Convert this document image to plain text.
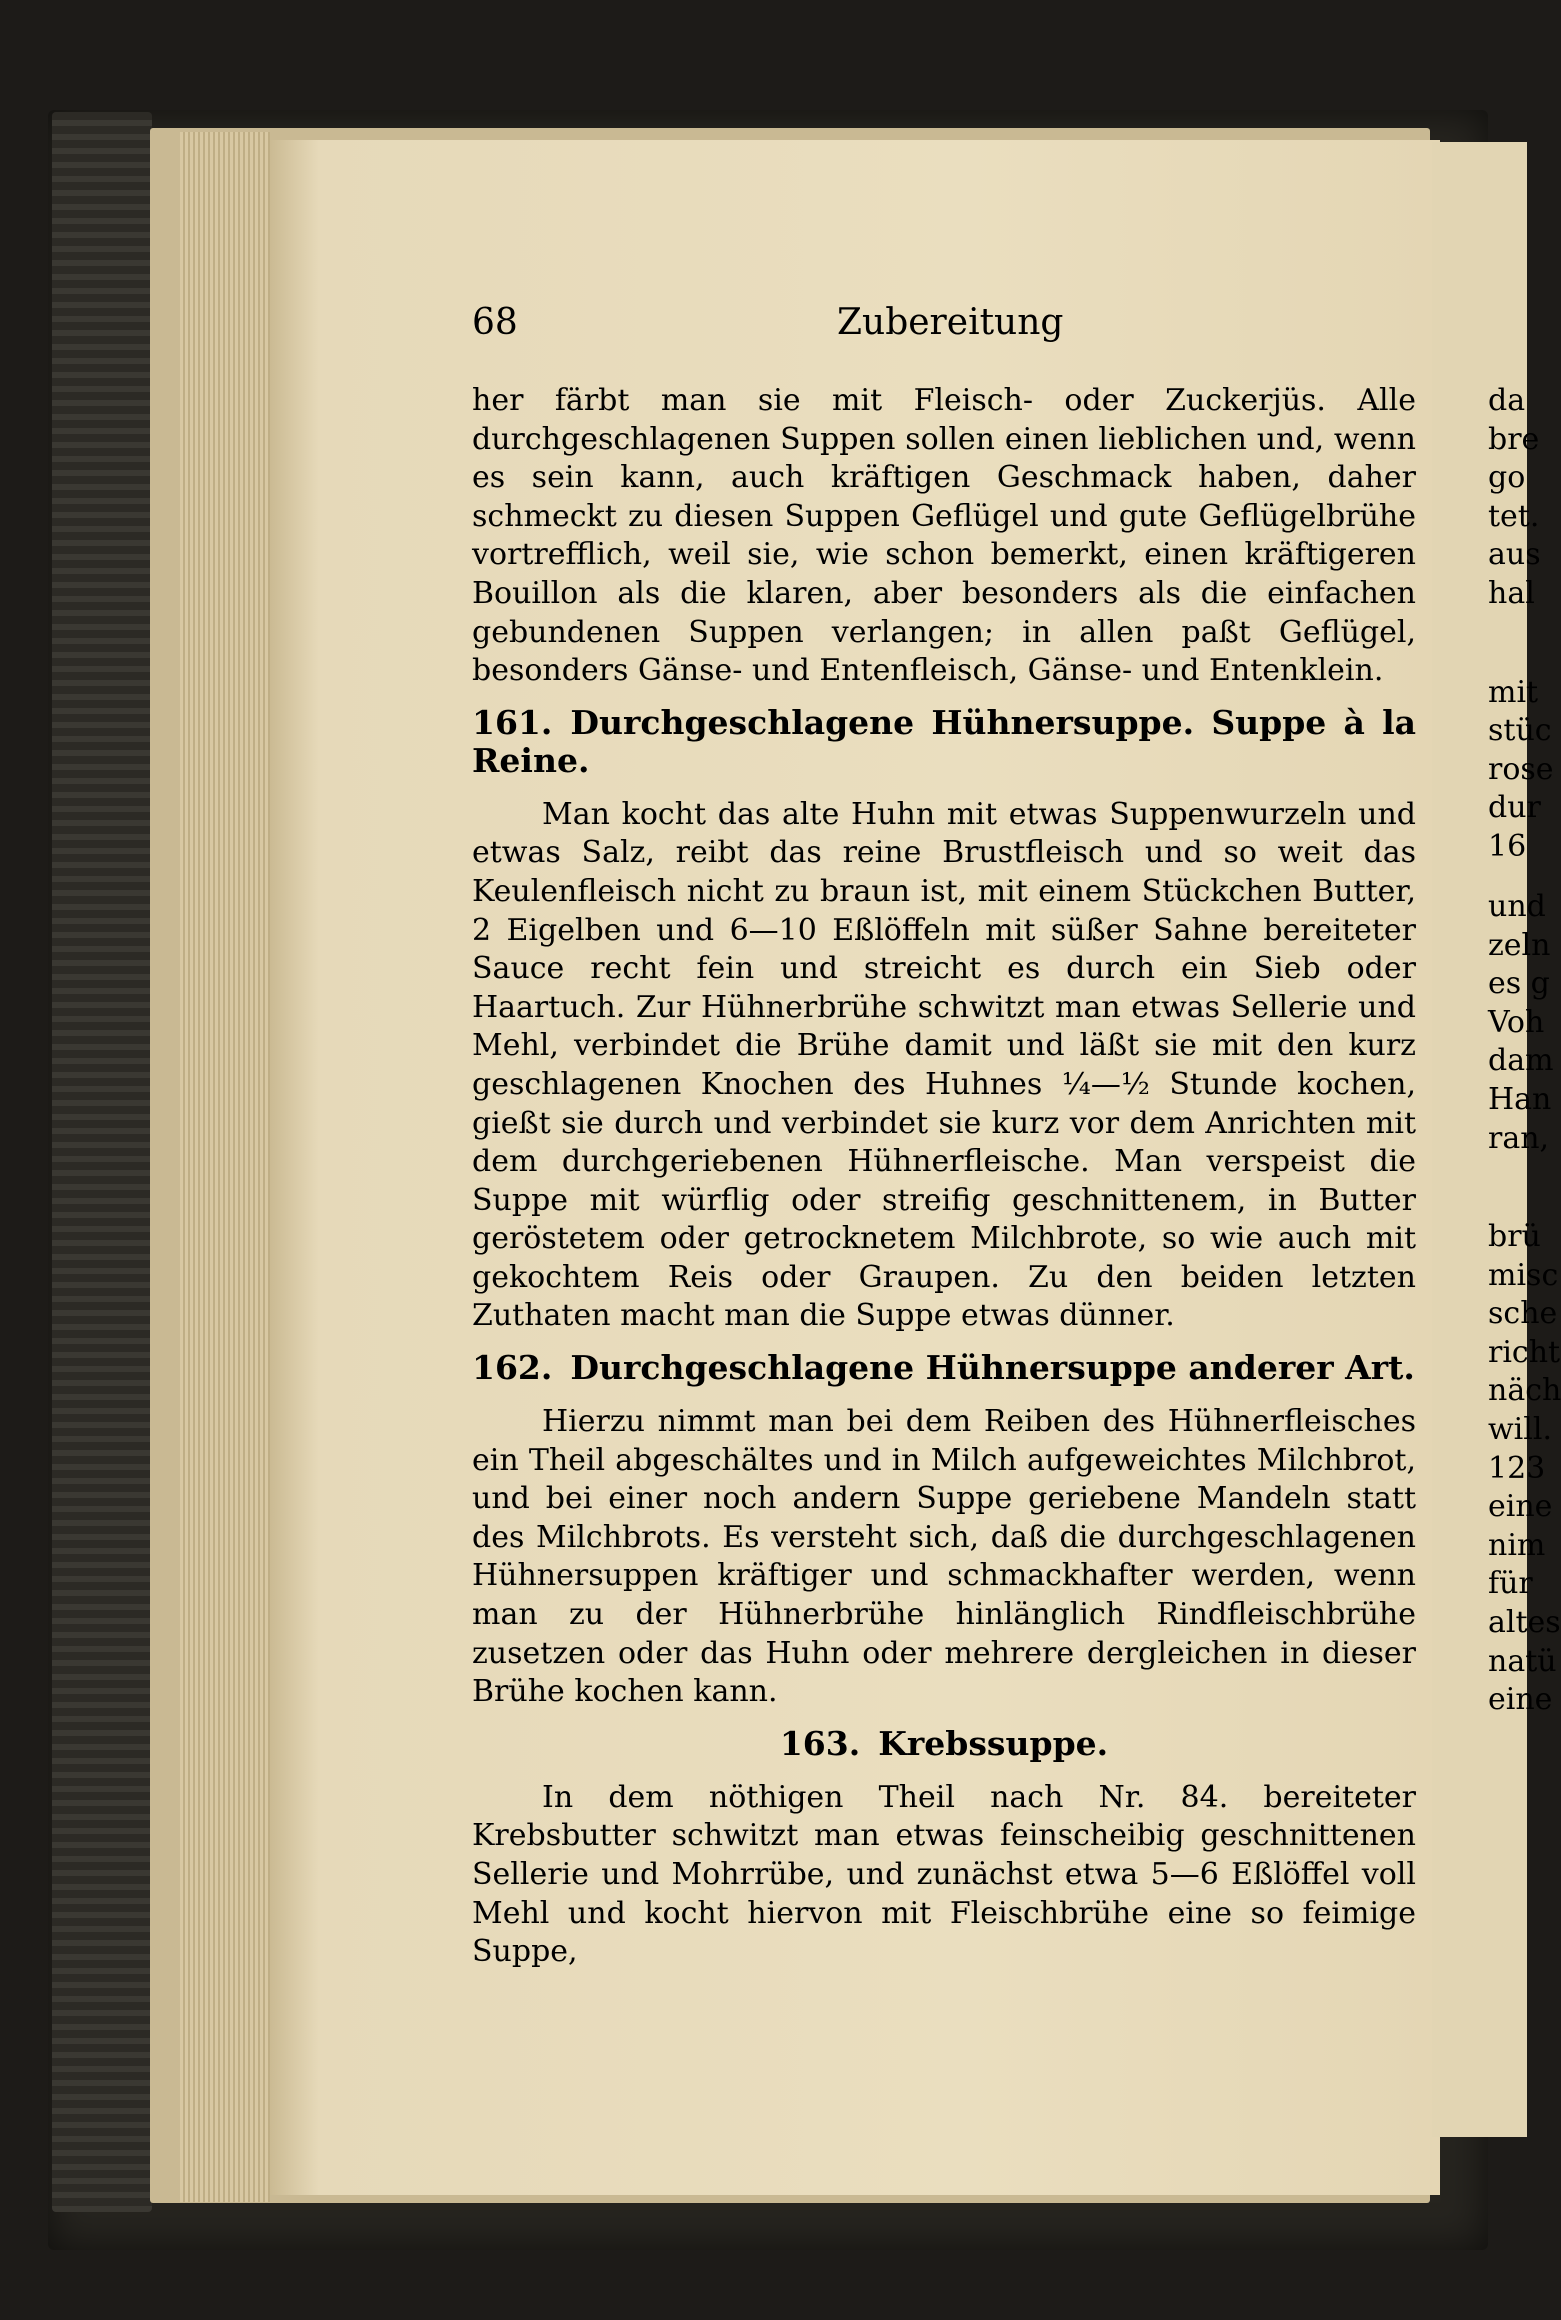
68	Zubereitung

her färbt man sie mit Fleisch- oder Zuckerjüs. Alle durchgeschlagenen Suppen sollen einen lieblichen und, wenn es sein kann, auch kräftigen Geschmack haben, daher schmeckt zu diesen Suppen Geflügel und gute Geflügelbrühe vortrefflich, weil sie, wie schon bemerkt, einen kräftigeren Bouillon als die klaren, aber besonders als die einfachen gebundenen Suppen verlangen; in allen paßt Geflügel, besonders Gänse- und Entenfleisch, Gänse- und Entenklein.

161. Durchgeschlagene Hühnersuppe. Suppe à la Reine.

Man kocht das alte Huhn mit etwas Suppenwurzeln und etwas Salz, reibt das reine Brustfleisch und so weit das Keulenfleisch nicht zu braun ist, mit einem Stückchen Butter, 2 Eigelben und 6—10 Eßlöffeln mit süßer Sahne bereiteter Sauce recht fein und streicht es durch ein Sieb oder Haartuch. Zur Hühnerbrühe schwitzt man etwas Sellerie und Mehl, verbindet die Brühe damit und läßt sie mit den kurz geschlagenen Knochen des Huhnes ¼—½ Stunde kochen, gießt sie durch und verbindet sie kurz vor dem Anrichten mit dem durchgeriebenen Hühnerfleische. Man verspeist die Suppe mit würflig oder streifig geschnittenem, in Butter geröstetem oder getrocknetem Milchbrote, so wie auch mit gekochtem Reis oder Graupen. Zu den beiden letzten Zuthaten macht man die Suppe etwas dünner.

162. Durchgeschlagene Hühnersuppe anderer Art.

Hierzu nimmt man bei dem Reiben des Hühnerfleisches ein Theil abgeschältes und in Milch aufgeweichtes Milchbrot, und bei einer noch andern Suppe geriebene Mandeln statt des Milchbrots. Es versteht sich, daß die durchgeschlagenen Hühnersuppen kräftiger und schmackhafter werden, wenn man zu der Hühnerbrühe hinlänglich Rindfleischbrühe zusetzen oder das Huhn oder mehrere dergleichen in dieser Brühe kochen kann.

163. Krebssuppe.

In dem nöthigen Theil nach Nr. 84. bereiteter Krebsbutter schwitzt man etwas feinscheibig geschnittenen Sellerie und Mohrrübe, und zunächst etwa 5—6 Eßlöffel voll Mehl und kocht hiervon mit Fleischbrühe eine so feimige Suppe,

da
bre
go
tet.
aus
hal
mit
stüc
rose
dur
16
und
zeln
es g
Voh
dam
Han
ran,
brü
misc
sche
richt
näch
will.
123
eine
nim
für
altes
natü
eine
